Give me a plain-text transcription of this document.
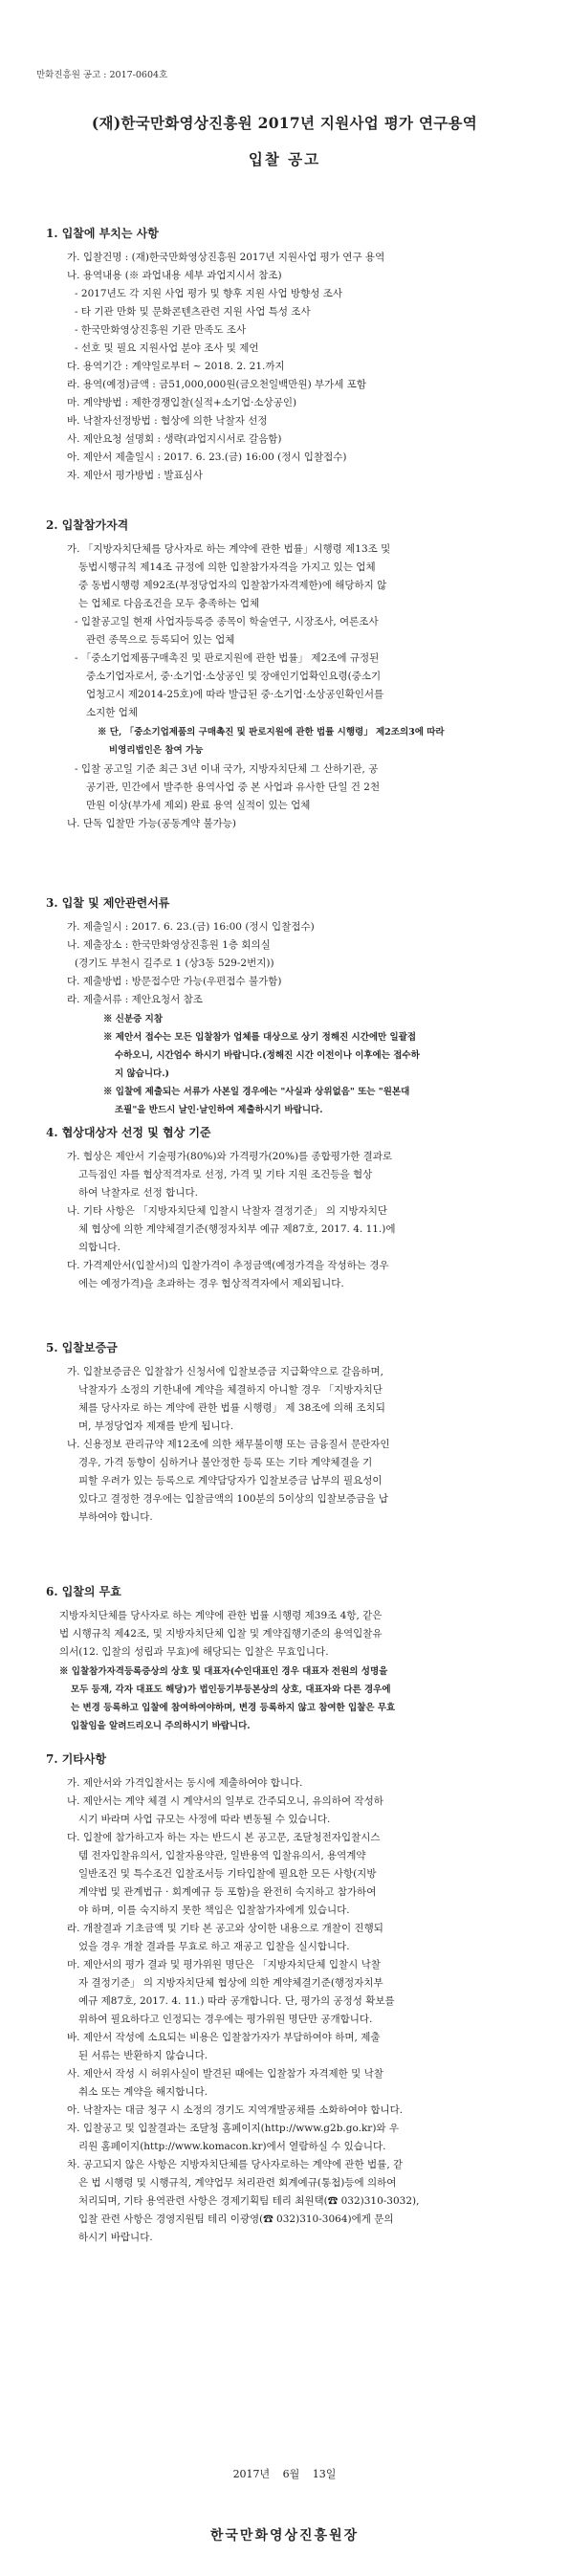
만화진흥원 공고 : 2017-0604호
(재)한국만화영상진흥원 2017년 지원사업 평가 연구용역
입찰 공고
1. 입찰에 부치는 사항

가. 입찰건명 : (재)한국만화영상진흥원 2017년 지원사업 평가 연구 용역

나. 용역내용 (※ 과업내용 세부 과업지시서 참조)

- 2017년도 각 지원 사업 평가 및 향후 지원 사업 방향성 조사

- 타 기관 만화 및 문화콘텐츠관련 지원 사업 특성 조사

- 한국만화영상진흥원 기관 만족도 조사

- 선호 및 필요 지원사업 분야 조사 및 제언

다. 용역기간 : 계약일로부터 ~ 2018. 2. 21.까지

라. 용역(예정)금액 : 금51,000,000원(금오천일백만원) 부가세 포함

마. 계약방법 : 제한경쟁입찰(실적+소기업·소상공인)

바. 낙찰자선정방법 : 협상에 의한 낙찰자 선정

사. 제안요청 설명회 : 생략(과업지시서로 갈음함)

아. 제안서 제출일시 : 2017. 6. 23.(금) 16:00 (정시 입찰접수)

자. 제안서 평가방법 : 발표심사

2. 입찰참가자격

가. 「지방자치단체를 당사자로 하는 계약에 관한 법률」시행령 제13조 및

동법시행규칙 제14조 규정에 의한 입찰참가자격을 가지고 있는 업체

중 동법시행령 제92조(부정당업자의 입찰참가자격제한)에 해당하지 않

는 업체로 다음조건을 모두 충족하는 업체

- 입찰공고일 현재 사업자등록증 종목이 학술연구, 시장조사, 여론조사

관련 종목으로 등록되어 있는 업체

- 「중소기업제품구매촉진 및 판로지원에 관한 법률」 제2조에 규정된

중소기업자로서, 중·소기업·소상공인 및 장애인기업확인요령(중소기

업청고시 제2014-25호)에 따라 발급된 중·소기업·소상공인확인서를

소지한 업체

※ 단, 「중소기업제품의 구매촉진 및 판로지원에 관한 법률 시행령」 제2조의3에 따라

비영리법인은 참여 가능

- 입찰 공고일 기준 최근 3년 이내 국가, 지방자치단체 그 산하기관, 공

공기관, 민간에서 발주한 용역사업 중 본 사업과 유사한 단일 건 2천

만원 이상(부가세 제외) 완료 용역 실적이 있는 업체

나. 단독 입찰만 가능(공동계약 불가능)

3. 입찰 및 제안관련서류

가. 제출일시 : 2017. 6. 23.(금) 16:00 (정시 입찰접수)

나. 제출장소 : 한국만화영상진흥원 1층 회의실

(경기도 부천시 길주로 1 (상3동 529-2번지))

다. 제출방법 : 방문접수만 가능(우편접수 불가함)

라. 제출서류 : 제안요청서 참조

※ 신분증 지참

※ 제안서 접수는 모든 입찰참가 업체를 대상으로 상기 정해진 시간에만 일괄접

수하오니, 시간엄수 하시기 바랍니다.(정해진 시간 이전이나 이후에는 접수하

지 않습니다.)

※ 입찰에 제출되는 서류가 사본일 경우에는 "사실과 상위없음" 또는 "원본대

조필"을 반드시 날인·날인하여 제출하시기 바랍니다.

4. 협상대상자 선정 및 협상 기준

가. 협상은 제안서 기술평가(80%)와 가격평가(20%)를 종합평가한 결과로

고득점인 자를 협상적격자로 선정, 가격 및 기타 지원 조건등을 협상

하여 낙찰자로 선정 합니다.

나. 기타 사항은 「지방자치단체 입찰시 낙찰자 결정기준」 의 지방자치단

체 협상에 의한 계약체결기준(행정자치부 예규 제87호, 2017. 4. 11.)에

의합니다.

다. 가격제안서(입찰서)의 입찰가격이 추정금액(예정가격을 작성하는 경우

에는 예정가격)을 초과하는 경우 협상적격자에서 제외됩니다.

5. 입찰보증금

가. 입찰보증금은 입찰참가 신청서에 입찰보증금 지급확약으로 갈음하며,

낙찰자가 소정의 기한내에 계약을 체결하지 아니할 경우 「지방자치단

체를 당사자로 하는 계약에 관한 법률 시행령」 제 38조에 의해 조치되

며, 부정당업자 제재를 받게 됩니다.

나. 신용정보 관리규약 제12조에 의한 채무불이행 또는 금융질서 문란자인

경우, 가격 동향이 심하거나 불안정한 등록 또는 기타 계약체결을 기

피할 우려가 있는 등록으로 계약담당자가 입찰보증금 납부의 필요성이

있다고 결정한 경우에는 입찰금액의 100분의 5이상의 입찰보증금을 납

부하여야 합니다.

6. 입찰의 무효

지방자치단체를 당사자로 하는 계약에 관한 법률 시행령 제39조 4항, 같은

법 시행규칙 제42조, 및 지방자치단체 입찰 및 계약집행기준의 용역입찰유

의서(12. 입찰의 성립과 무효)에 해당되는 입찰은 무효입니다.

※ 입찰참가자격등록증상의 상호 및 대표자(수인대표인 경우 대표자 전원의 성명을

모두 등재, 각자 대표도 해당)가 법인등기부등본상의 상호, 대표자와 다른 경우에

는 변경 등록하고 입찰에 참여하여야하며, 변경 등록하지 않고 참여한 입찰은 무효

입찰임을 알려드리오니 주의하시기 바랍니다.

7. 기타사항

가. 제안서와 가격입찰서는 동시에 제출하여야 합니다.

나. 제안서는 계약 체결 시 계약서의 일부로 간주되오니, 유의하여 작성하

시기 바라며 사업 규모는 사정에 따라 변동될 수 있습니다.

다. 입찰에 참가하고자 하는 자는 반드시 본 공고문, 조달청전자입찰시스

템 전자입찰유의서, 입찰자용약관, 일반용역 입찰유의서, 용역계약

일반조건 및 특수조건 입찰조서등 기타입찰에 필요한 모든 사항(지방

계약법 및 관계법규 · 회계예규 등 포함)을 완전히 숙지하고 참가하여

야 하며, 이를 숙지하지 못한 책임은 입찰참가자에게 있습니다.

라. 개찰결과 기초금액 및 기타 본 공고와 상이한 내용으로 개찰이 진행되

었을 경우 개찰 결과를 무효로 하고 재공고 입찰을 실시합니다.

마. 제안서의 평가 결과 및 평가위원 명단은 「지방자치단체 입찰시 낙찰

자 결정기준」 의 지방자치단체 협상에 의한 계약체결기준(행정자치부

예규 제87호, 2017. 4. 11.) 따라 공개합니다. 단, 평가의 공정성 확보를

위하여 필요하다고 인정되는 경우에는 평가위원 명단만 공개합니다.

바. 제안서 작성에 소요되는 비용은 입찰참가자가 부담하여야 하며, 제출

된 서류는 반환하지 않습니다.

사. 제안서 작성 시 허위사실이 발견된 때에는 입찰참가 자격제한 및 낙찰

취소 또는 계약을 해지합니다.

아. 낙찰자는 대금 청구 시 소정의 경기도 지역개발공채를 소화하여야 합니다.

자. 입찰공고 및 입찰결과는 조달청 홈페이지(http://www.g2b.go.kr)와 우

리원 홈페이지(http://www.komacon.kr)에서 열람하실 수 있습니다.

차. 공고되지 않은 사항은 지방자치단체를 당사자로하는 계약에 관한 법률, 같

은 법 시행령 및 시행규칙, 계약업무 처리관련 회계예규(통첩)등에 의하여

처리되며, 기타 용역관련 사항은 경제기획팀 테리 최원택(☎ 032)310-3032),

입찰 관련 사항은 경영지원팀 테리 이광영(☎ 032)310-3064)에게 문의

하시기 바랍니다.

2017년 6월 13일
한국만화영상진흥원장
